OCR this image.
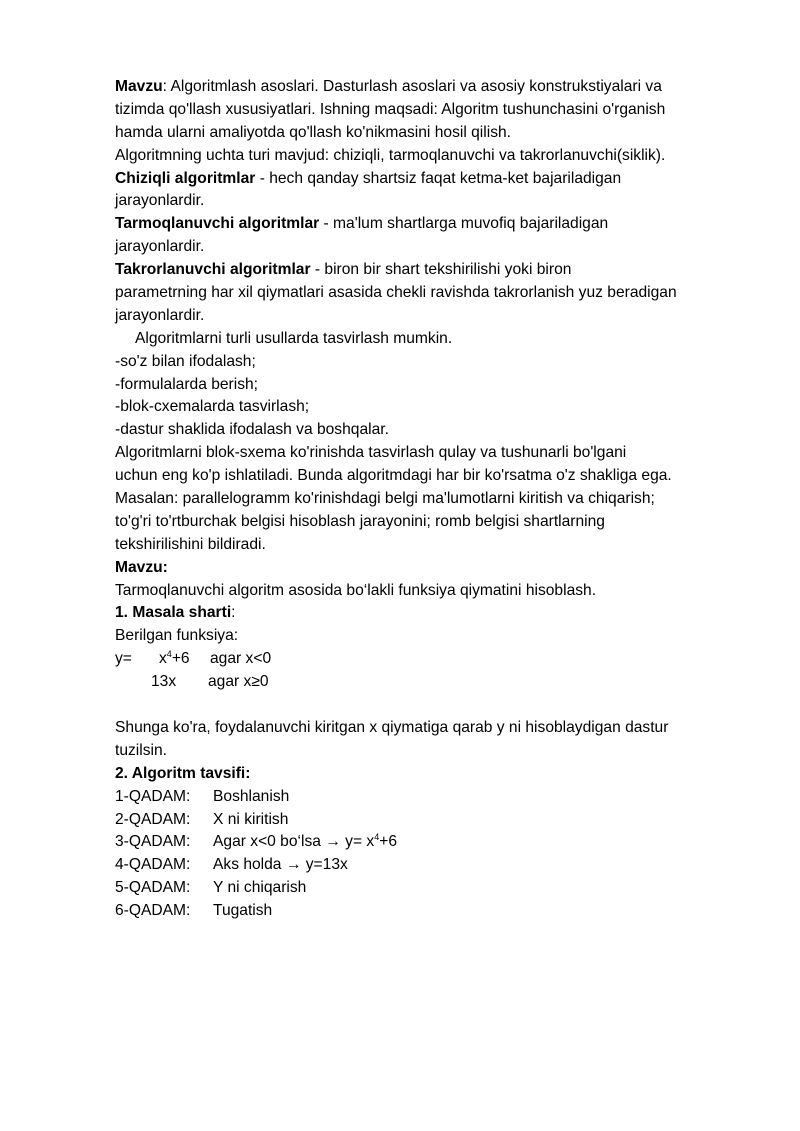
Mavzu: Algoritmlash asoslari. Dasturlash asoslari va asosiy konstrukstiyalari va
tizimda qo'llash xususiyatlari. Ishning maqsadi: Algoritm tushunchasini o'rganish
hamda ularni amaliyotda qo'llash ko'nikmasini hosil qilish.
Algoritmning uchta turi mavjud: chiziqli, tarmoqlanuvchi va takrorlanuvchi(siklik).
Chiziqli algoritmlar - hech qanday shartsiz faqat ketma-ket bajariladigan
jarayonlardir.
Tarmoqlanuvchi algoritmlar - ma'lum shartlarga muvofiq bajariladigan
jarayonlardir.
Takrorlanuvchi algoritmlar - biron bir shart tekshirilishi yoki biron
parametrning har xil qiymatlari asasida chekli ravishda takrorlanish yuz beradigan
jarayonlardir.
Algoritmlarni turli usullarda tasvirlash mumkin.
-so'z bilan ifodalash;
-formulalarda berish;
-blok-cxemalarda tasvirlash;
-dastur shaklida ifodalash va boshqalar.
Algoritmlarni blok-sxema ko'rinishda tasvirlash qulay va tushunarli bo'lgani
uchun eng ko'p ishlatiladi. Bunda algoritmdagi har bir ko'rsatma o'z shakliga ega.
Masalan: parallelogramm ko'rinishdagi belgi ma'lumotlarni kiritish va chiqarish;
to'g'ri to'rtburchak belgisi hisoblash jarayonini; romb belgisi shartlarning
tekshirilishini bildiradi.
Mavzu:
Tarmoqlanuvchi algoritm asosida bo‘lakli funksiya qiymatini hisoblash.
1. Masala sharti:
Berilgan funksiya:
$y= x^4+6$ agar x<0
13x agar x≥0
Shunga ko'ra, foydalanuvchi kiritgan x qiymatiga qarab y ni hisoblaydigan dastur
tuzilsin.
2. Algoritm tavsifi:
1-QADAM: Boshlanish
2-QADAM: X ni kiritish
3-QADAM: Agar x<0 bo‘lsa → $y= x^4+6$
4-QADAM: Aks holda → y=13x
5-QADAM: Y ni chiqarish
6-QADAM: Tugatish
